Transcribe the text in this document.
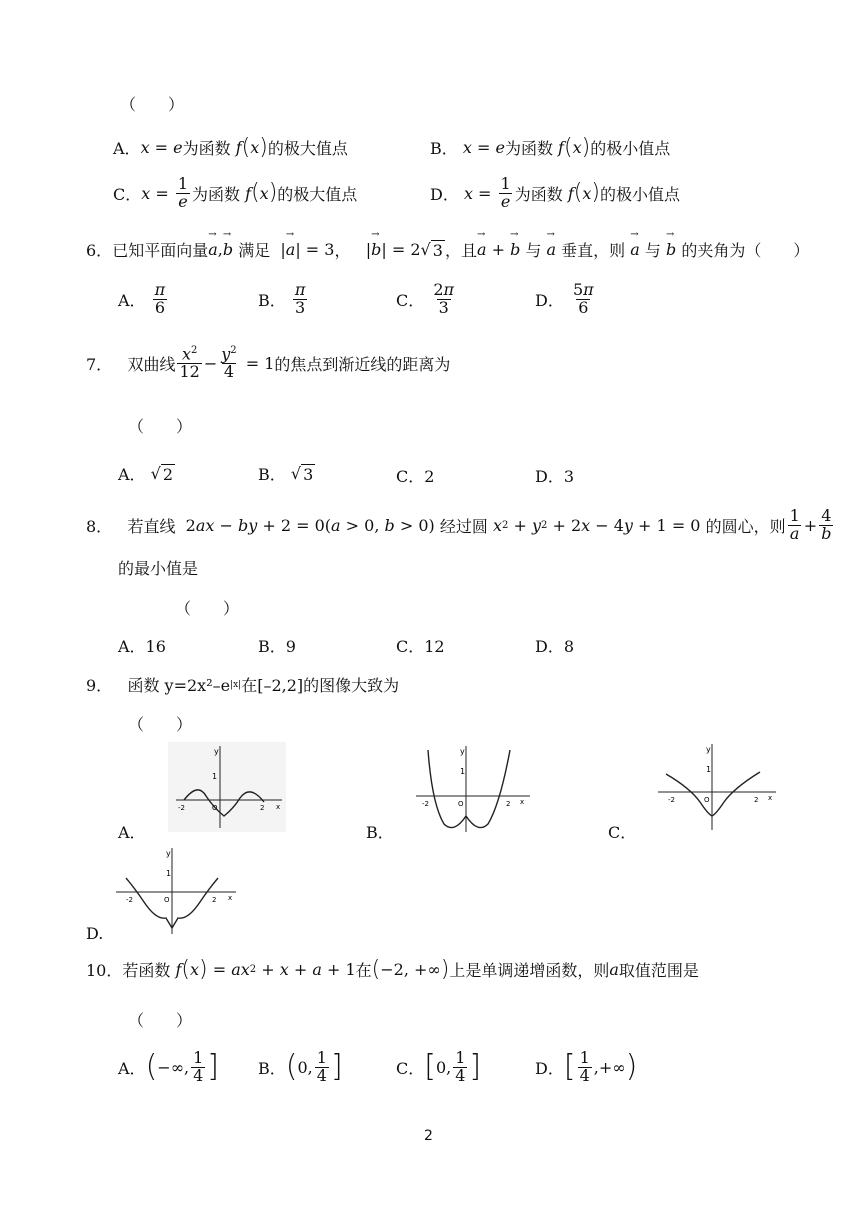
（　　）
A． x = e 为函数 f ( x ) 的极大值点	B．
x = e 为函数 f ( x ) 的极小值点
C． $x = \frac{1}{e}$ 为函数 f ( x ) 的极大值点	D．
$x = \frac{1}{e}$ 为函数 f ( x ) 的极小值点
6． 已知平面向量 → a , → b
满足 | → a | = 3 ， | → b | = 2 √ 3 ，且 → a + → b
与
→ a
垂直，则
→ a
与
→ b
的夹角为（　　）
A．
$\frac{\pi}{6}$	B．
$\frac{\pi}{3}$	C．
$\frac{2\pi}{3}$	D．
$\frac{5\pi}{6}$
7．
双曲线 $\frac{x^2}{12} - \frac{y^2}{4} = 1$ 的焦点到渐近线的距离为
（　　）
A．
√ 2	B．
√ 3	C．2	D．3
8．
若直线 2 ax − by + 2 = 0( a > 0, b > 0) 经过圆
x 2 + y 2 + 2 x − 4 y + 1 = 0 的圆心，则 $\frac{1}{a} + \frac{4}{b}$
的最小值是
（　　）
A．16	B．9	C．12	D．8
9．
函数 y=2x²–e |x| 在[–2,2]的图像大致为
（　　）
y
1
-2	O	2 x
A．
y
1
-2	O	2 x
B．
y
1
-2	O	2 x
C．
y
1
-2	O	2 x
D.
10． 若函数
f ( x ) = ax 2 + x + a + 1 在 ( −2, +∞ ) 上是单调递增函数，则 a 取值范围是
（　　）
A． ( −∞, $\frac{1}{4}$ ] B． ( 0, $\frac{1}{4}$ ]	C． [ 0, $\frac{1}{4}$ ]	D． [ $\frac{1}{4}$ ,+∞ )
2
